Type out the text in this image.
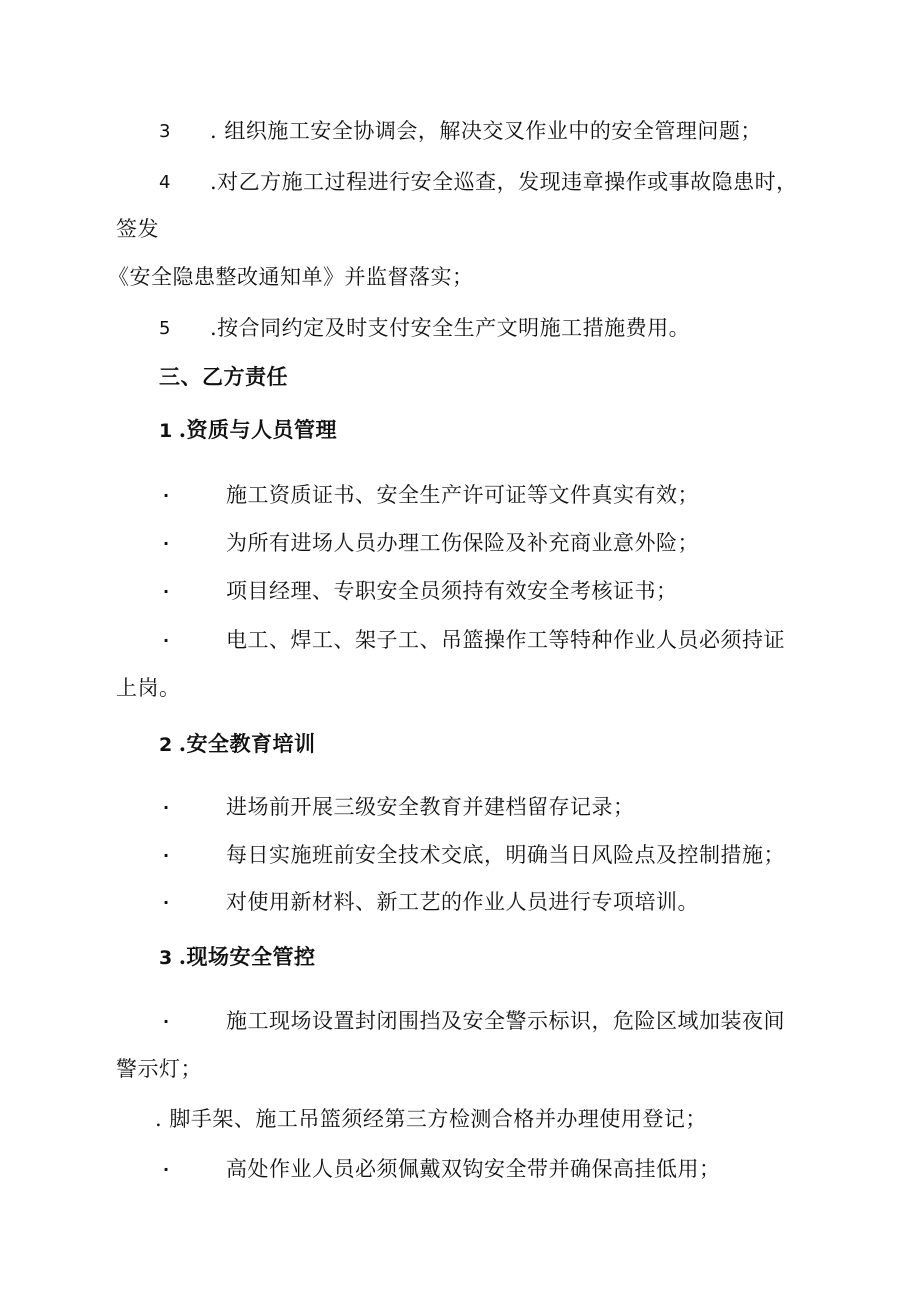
3 . 组织施工安全协调会，解决交叉作业中的安全管理问题；
4 .对乙方施工过程进行安全巡查，发现违章操作或事故隐患时，
签发
《安全隐患整改通知单》并监督落实；
5 .按合同约定及时支付安全生产文明施工措施费用。
三、乙方责任
1 .资质与人员管理
·	施工资质证书、安全生产许可证等文件真实有效；
·	为所有进场人员办理工伤保险及补充商业意外险；
·	项目经理、专职安全员须持有效安全考核证书；
·	电工、焊工、架子工、吊篮操作工等特种作业人员必须持证
上岗。
2 .安全教育培训
·	进场前开展三级安全教育并建档留存记录；
·	每日实施班前安全技术交底，明确当日风险点及控制措施；
·	对使用新材料、新工艺的作业人员进行专项培训。
3 .现场安全管控
·	施工现场设置封闭围挡及安全警示标识，危险区域加装夜间
警示灯；
. 脚手架、施工吊篮须经第三方检测合格并办理使用登记；
·	高处作业人员必须佩戴双钩安全带并确保高挂低用；
